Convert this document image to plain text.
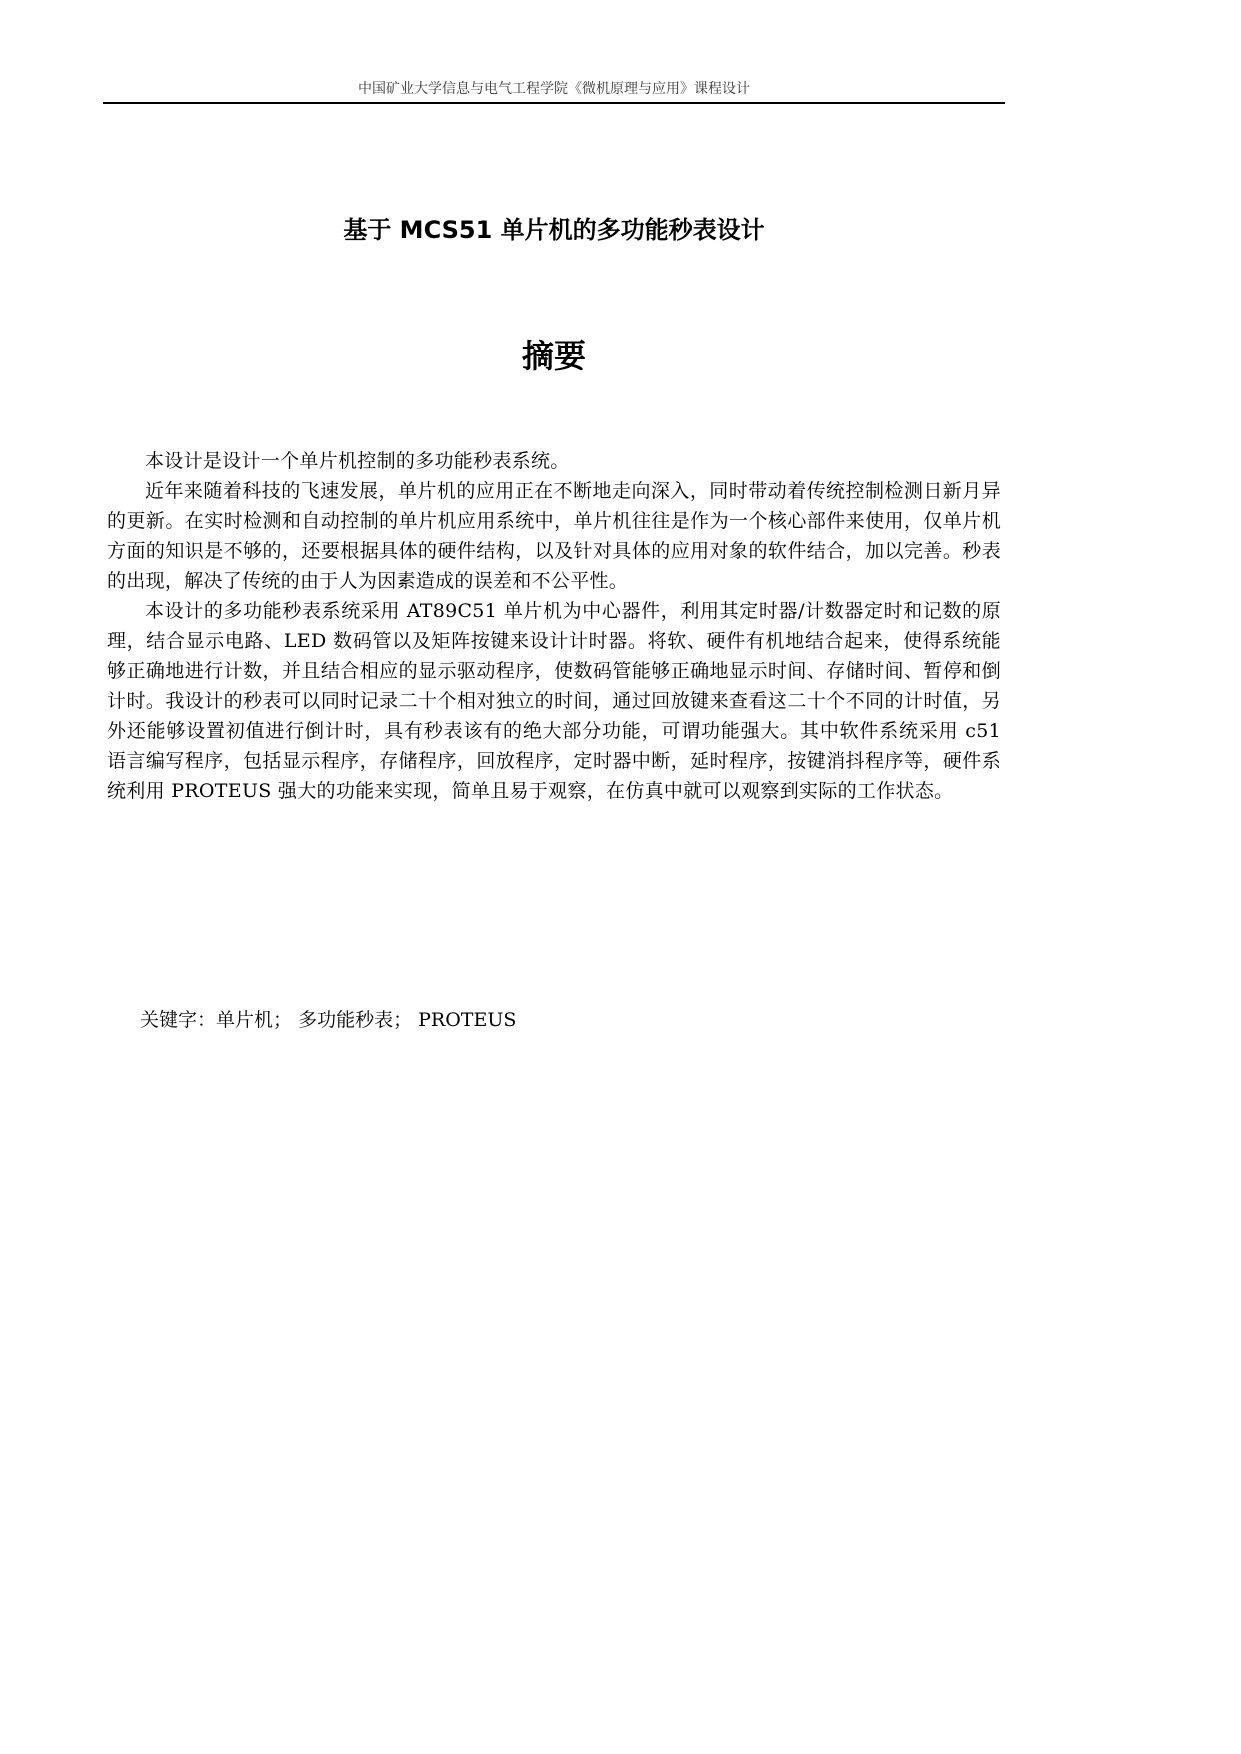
中国矿业大学信息与电气工程学院《微机原理与应用》课程设计
基于 MCS51 单片机的多功能秒表设计
摘要

本设计是设计一个单片机控制的多功能秒表系统。

近年来随着科技的飞速发展，单片机的应用正在不断地走向深入，同时带动着传统控制检测日新月异的更新。在实时检测和自动控制的单片机应用系统中，单片机往往是作为一个核心部件来使用，仅单片机方面的知识是不够的，还要根据具体的硬件结构，以及针对具体的应用对象的软件结合，加以完善。秒表的出现，解决了传统的由于人为因素造成的误差和不公平性。

本设计的多功能秒表系统采用 AT89C51 单片机为中心器件，利用其定时器/计数器定时和记数的原理，结合显示电路、LED 数码管以及矩阵按键来设计计时器。将软、硬件有机地结合起来，使得系统能够正确地进行计数，并且结合相应的显示驱动程序，使数码管能够正确地显示时间、存储时间、暂停和倒计时。我设计的秒表可以同时记录二十个相对独立的时间，通过回放键来查看这二十个不同的计时值，另外还能够设置初值进行倒计时，具有秒表该有的绝大部分功能，可谓功能强大。其中软件系统采用 c51 语言编写程序，包括显示程序，存储程序，回放程序，定时器中断，延时程序，按键消抖程序等，硬件系统利用 PROTEUS 强大的功能来实现，简单且易于观察，在仿真中就可以观察到实际的工作状态。

关键字：单片机； 多功能秒表； PROTEUS
